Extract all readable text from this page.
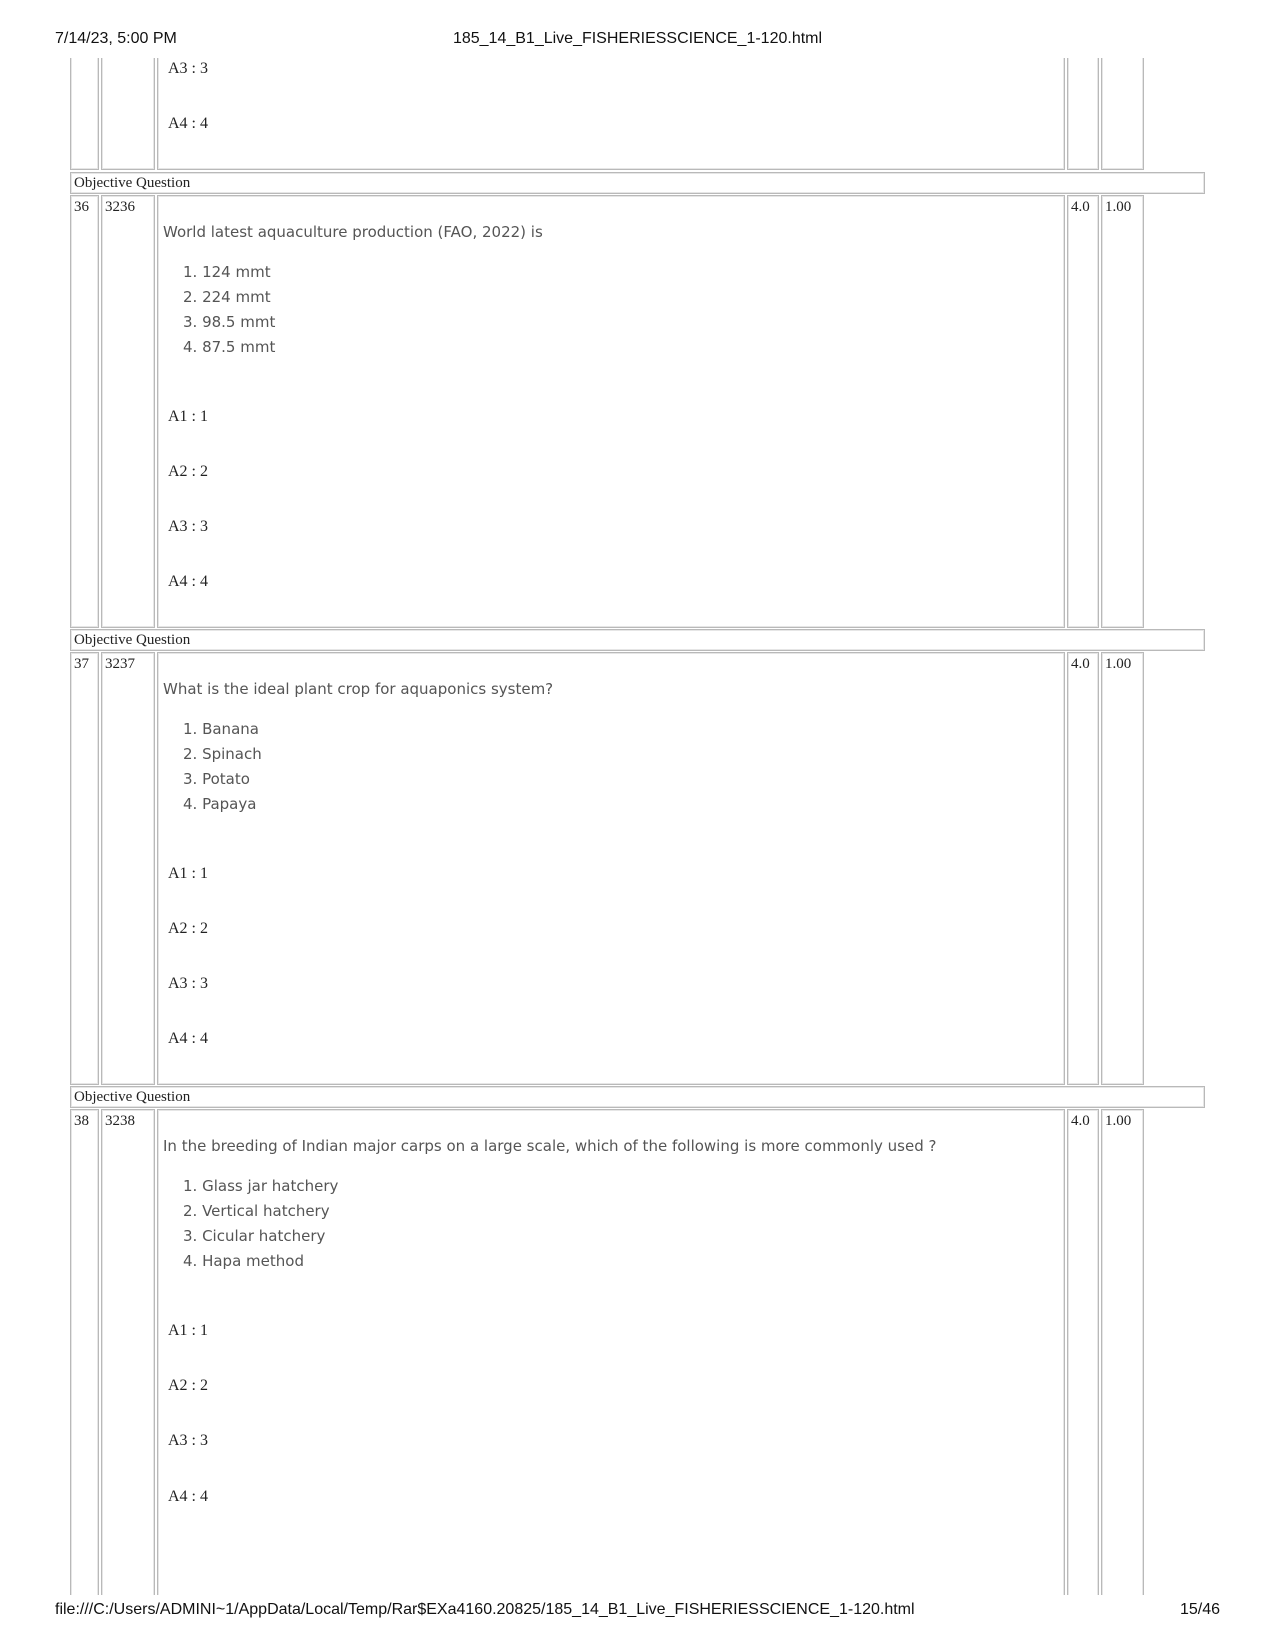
7/14/23, 5:00 PM	185_14_B1_Live_FISHERIESSCIENCE_1-120.html
A3 : 3
A4 : 4
Objective Question
36	3236
World latest aquaculture production (FAO, 2022) is
1. 124 mmt
2. 224 mmt
3. 98.5 mmt
4. 87.5 mmt
A1 : 1
A2 : 2
A3 : 3
A4 : 4
4.0	1.00
Objective Question
37	3237
What is the ideal plant crop for aquaponics system?
1. Banana
2. Spinach
3. Potato
4. Papaya
A1 : 1
A2 : 2
A3 : 3
A4 : 4
4.0	1.00
Objective Question
38	3238
In the breeding of Indian major carps on a large scale, which of the following is more commonly used ?
1. Glass jar hatchery
2. Vertical hatchery
3. Cicular hatchery
4. Hapa method
A1 : 1
A2 : 2
A3 : 3
A4 : 4
4.0	1.00
file:///C:/Users/ADMINI~1/AppData/Local/Temp/Rar$EXa4160.20825/185_14_B1_Live_FISHERIESSCIENCE_1-120.html	15/46
